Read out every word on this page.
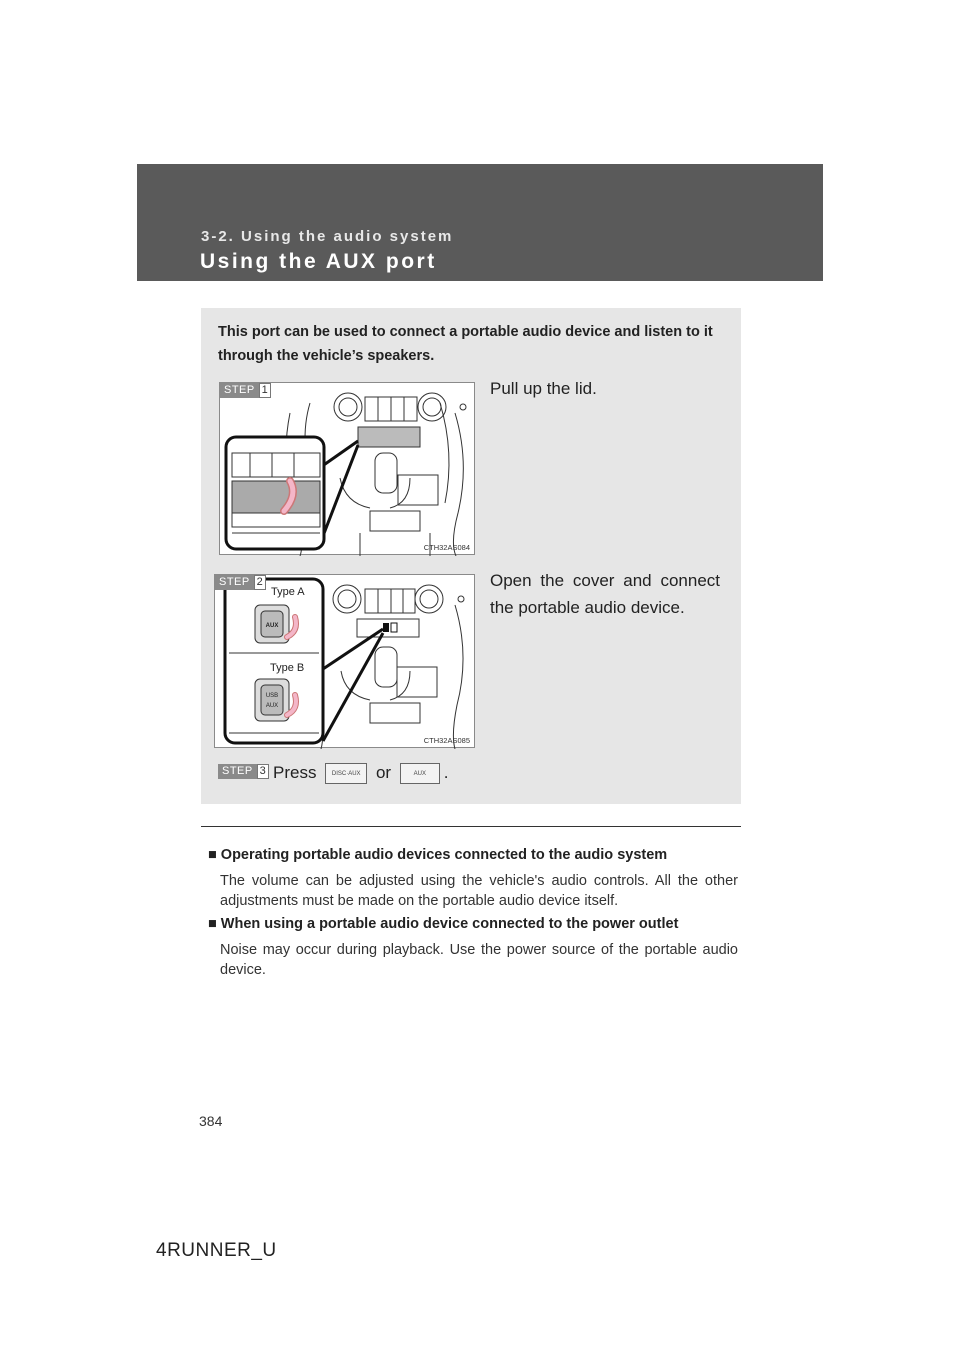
3-2. Using the audio system
Using the AUX port
This port can be used to connect a portable audio device and listen to it through the vehicle’s speakers.
STEP 1
CTH32AS084
Pull up the lid.
AUX
USB
AUX
Type A
Type B
STEP 2
CTH32AS085
Open the cover and connect the portable audio device.
STEP 3 Press	DISC·AUX or	AUX .
■ Operating portable audio devices connected to the audio system
The volume can be adjusted using the vehicle's audio controls. All the other adjustments must be made on the portable audio device itself.
■ When using a portable audio device connected to the power outlet
Noise may occur during playback. Use the power source of the portable audio device.
384
4RUNNER_U
